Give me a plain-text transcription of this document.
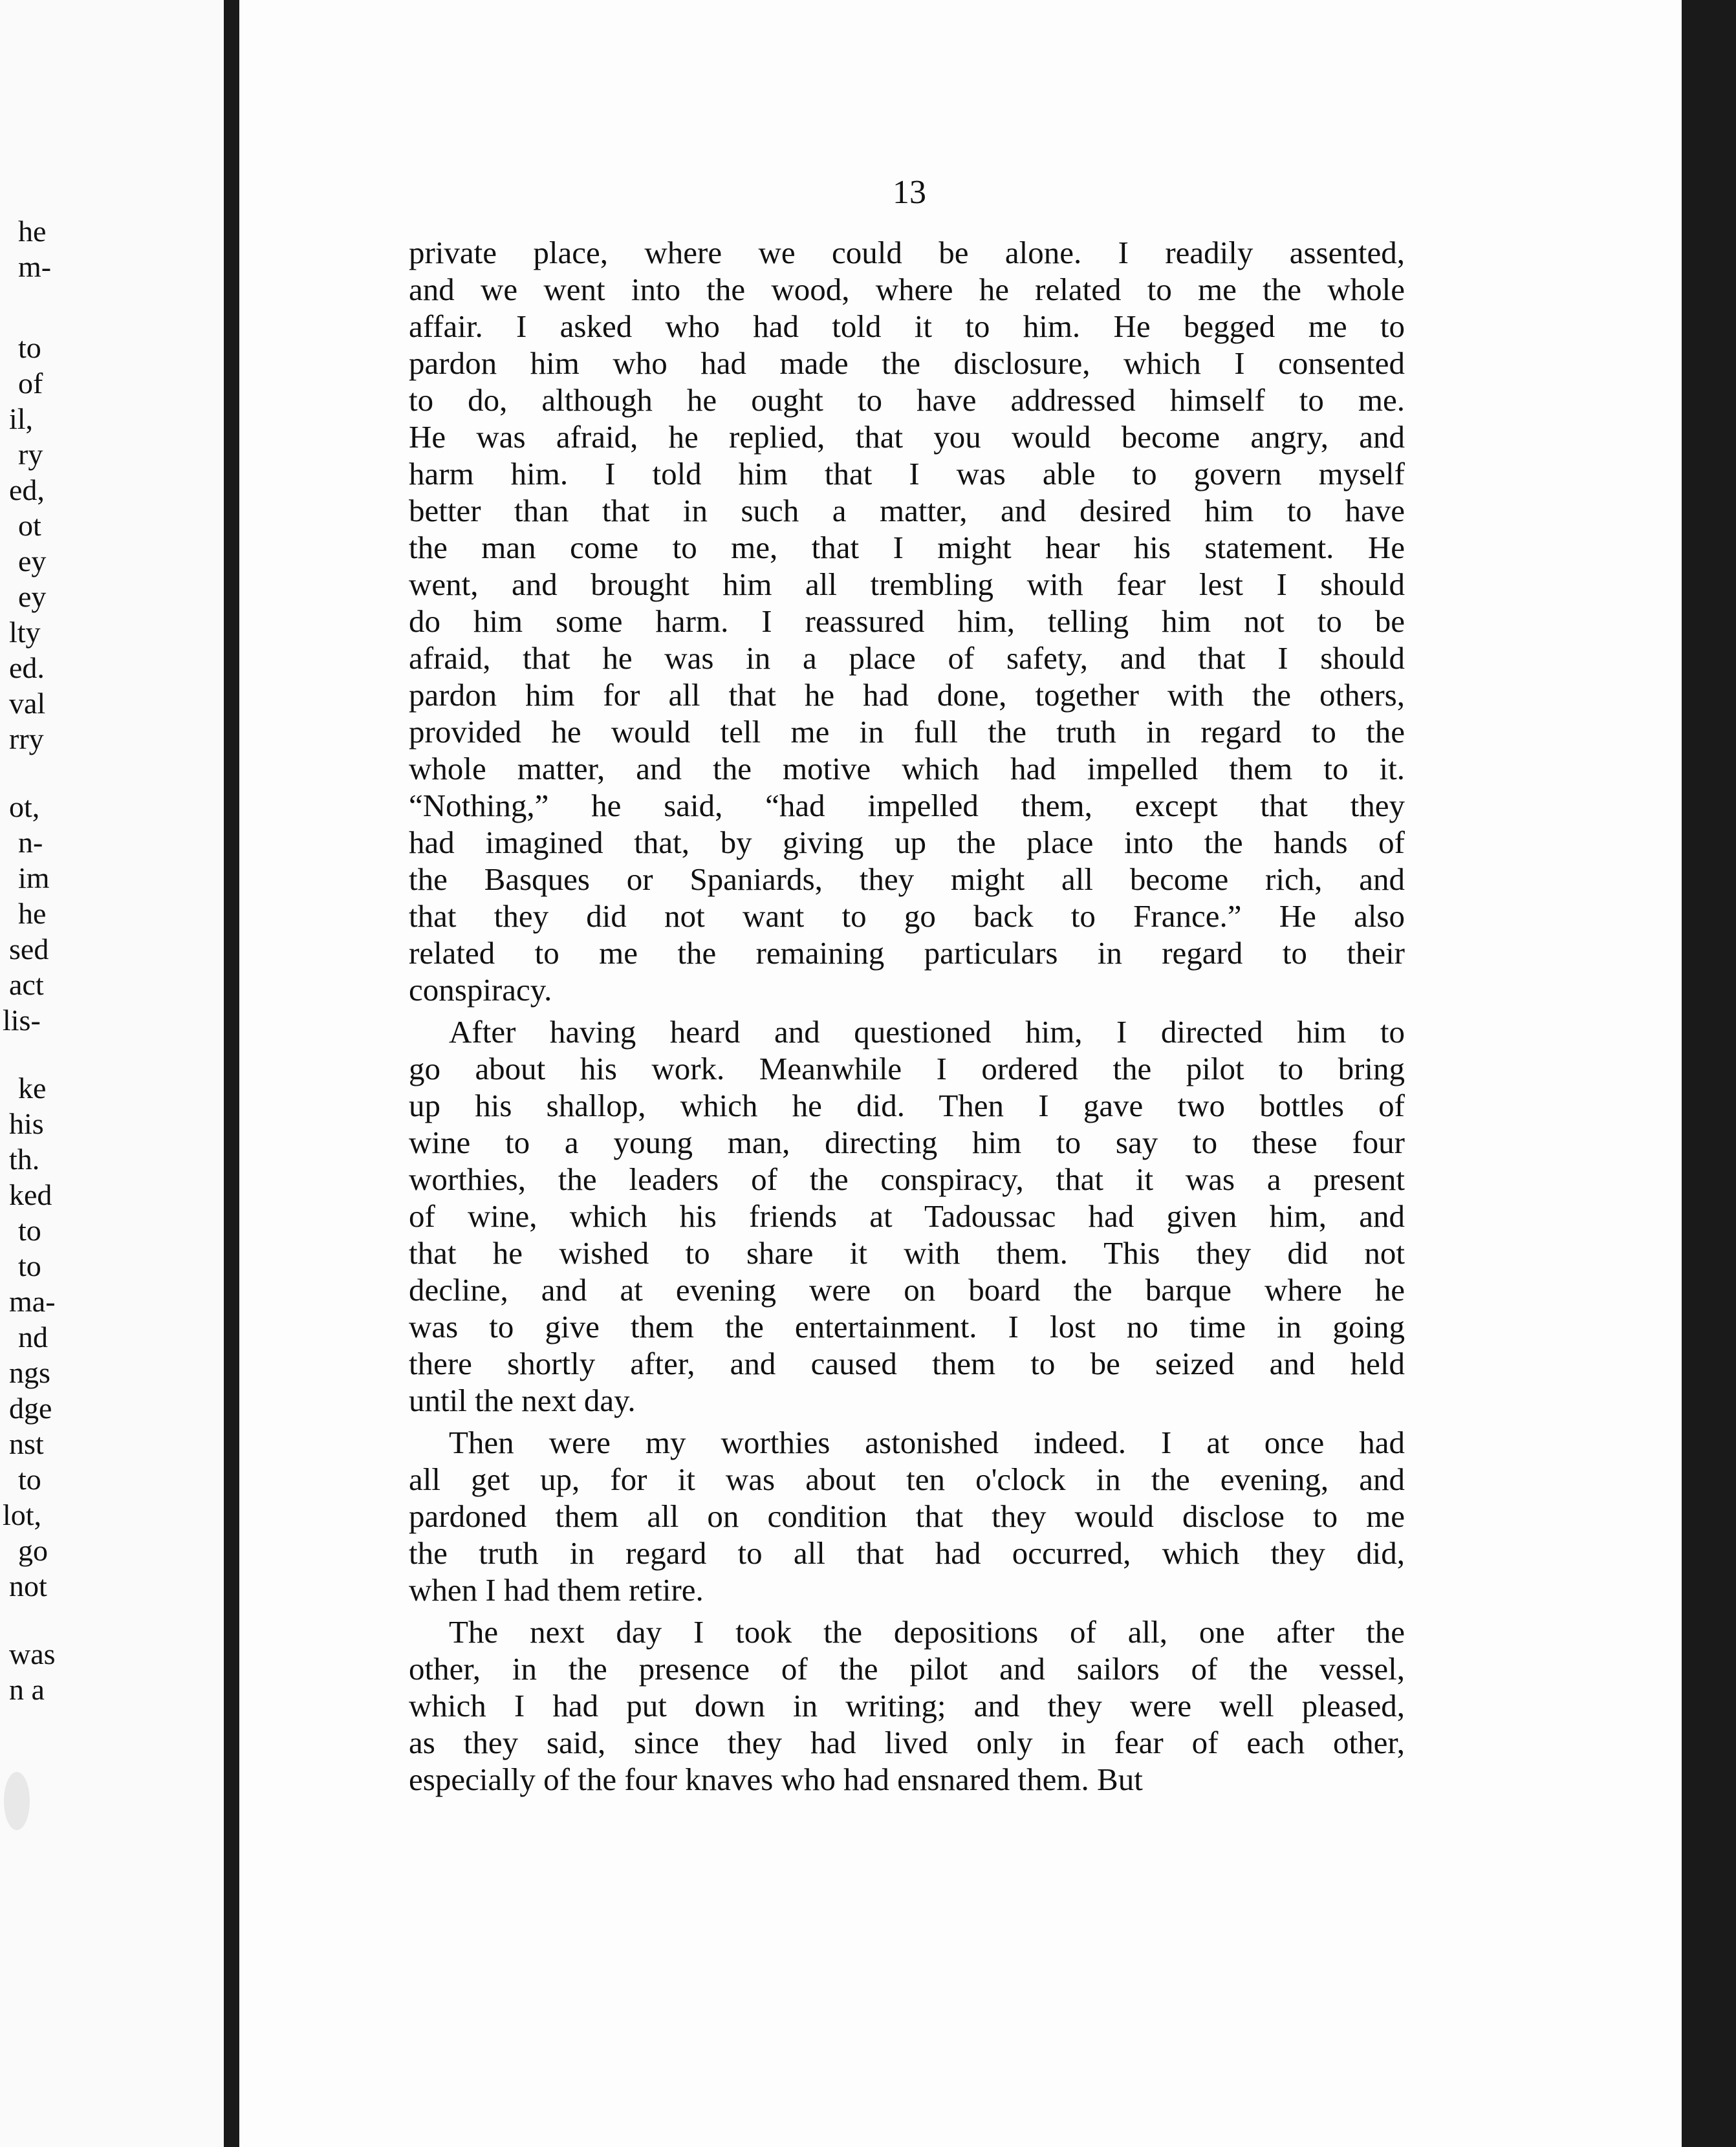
he
m-
to
of
il,
ry
ed,
ot
ey
ey
lty
ed.
val
rry
ot,
n-
im
he
sed
act
lis-
ke
his
th.
ked
to
to
ma-
nd
ngs
dge
nst
to
lot,
go
not
was
n a
13
private place, where we could be alone. I readily assented,
and we went into the wood, where he related to me the whole
affair. I asked who had told it to him. He begged me to
pardon him who had made the disclosure, which I consented
to do, although he ought to have addressed himself to me.
He was afraid, he replied, that you would become angry, and
harm him. I told him that I was able to govern myself
better than that in such a matter, and desired him to have
the man come to me, that I might hear his statement. He
went, and brought him all trembling with fear lest I should
do him some harm. I reassured him, telling him not to be
afraid, that he was in a place of safety, and that I should
pardon him for all that he had done, together with the others,
provided he would tell me in full the truth in regard to the
whole matter, and the motive which had impelled them to it.
“Nothing,” he said, “had impelled them, except that they
had imagined that, by giving up the place into the hands of
the Basques or Spaniards, they might all become rich, and
that they did not want to go back to France.” He also
related to me the remaining particulars in regard to their
conspiracy.
After having heard and questioned him, I directed him to
go about his work. Meanwhile I ordered the pilot to bring
up his shallop, which he did. Then I gave two bottles of
wine to a young man, directing him to say to these four
worthies, the leaders of the conspiracy, that it was a present
of wine, which his friends at Tadoussac had given him, and
that he wished to share it with them. This they did not
decline, and at evening were on board the barque where he
was to give them the entertainment. I lost no time in going
there shortly after, and caused them to be seized and held
until the next day.
Then were my worthies astonished indeed. I at once had
all get up, for it was about ten o'clock in the evening, and
pardoned them all on condition that they would disclose to me
the truth in regard to all that had occurred, which they did,
when I had them retire.
The next day I took the depositions of all, one after the
other, in the presence of the pilot and sailors of the vessel,
which I had put down in writing; and they were well pleased,
as they said, since they had lived only in fear of each other,
especially of the four knaves who had ensnared them. But
